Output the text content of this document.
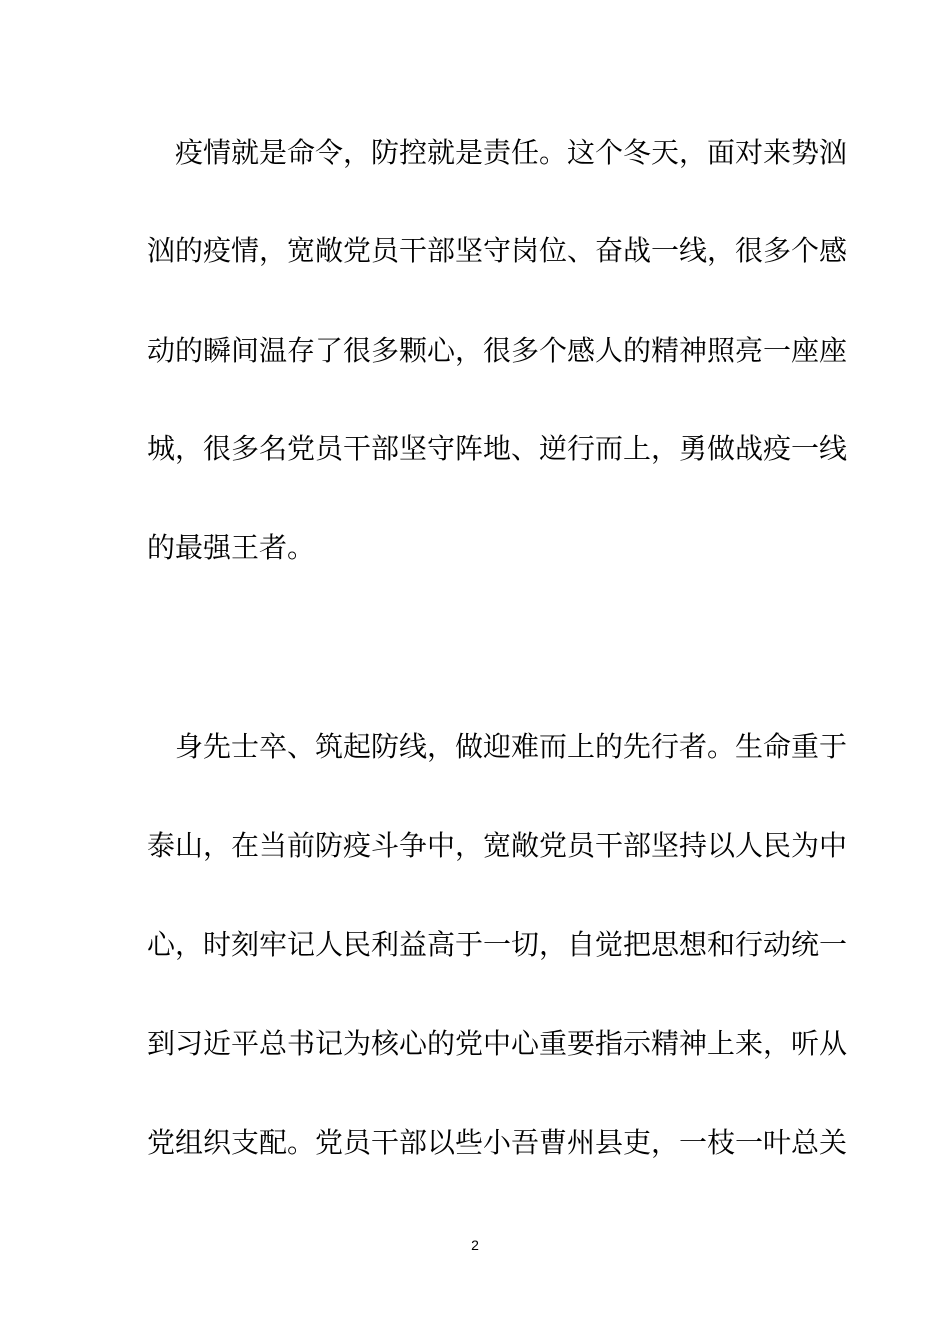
疫情就是命令，防控就是责任。这个冬天，面对来势汹
汹的疫情，宽敞党员干部坚守岗位、奋战一线，很多个感
动的瞬间温存了很多颗心，很多个感人的精神照亮一座座
城，很多名党员干部坚守阵地、逆行而上，勇做战疫一线
的最强王者。
身先士卒、筑起防线，做迎难而上的先行者。生命重于
泰山，在当前防疫斗争中，宽敞党员干部坚持以人民为中
心，时刻牢记人民利益高于一切，自觉把思想和行动统一
到习近平总书记为核心的党中心重要指示精神上来，听从
党组织支配。党员干部以些小吾曹州县吏，一枝一叶总关
2
